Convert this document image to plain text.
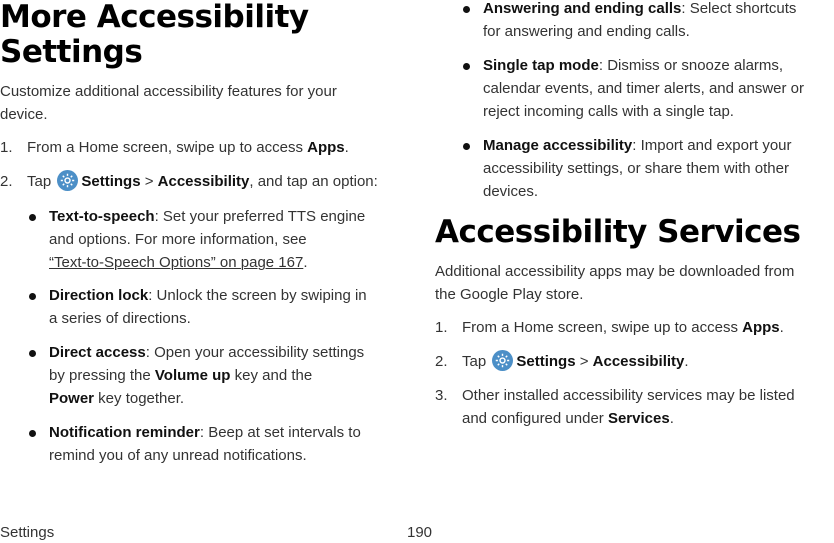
More Accessibility
Settings
Customize additional accessibility features for your
device.
1. From a Home screen, swipe up to access Apps.
2. Tap
Settings > Accessibility, and tap an option:
Text-to-speech: Set your preferred TTS engine
and options. For more information, see
“Text-to-Speech Options” on page 167.
Direction lock: Unlock the screen by swiping in
a series of directions.
Direct access: Open your accessibility settings
by pressing the Volume up key and the
Power key together.
Notification reminder: Beep at set intervals to
remind you of any unread notifications.
Answering and ending calls: Select shortcuts
for answering and ending calls.
Single tap mode: Dismiss or snooze alarms,
calendar events, and timer alerts, and answer or
reject incoming calls with a single tap.
Manage accessibility: Import and export your
accessibility settings, or share them with other
devices.
Accessibility Services
Additional accessibility apps may be downloaded from
the Google Play store.
1. From a Home screen, swipe up to access Apps.
2. Tap
Settings > Accessibility.
3. Other installed accessibility services may be listed
and configured under Services.
Settings	190
